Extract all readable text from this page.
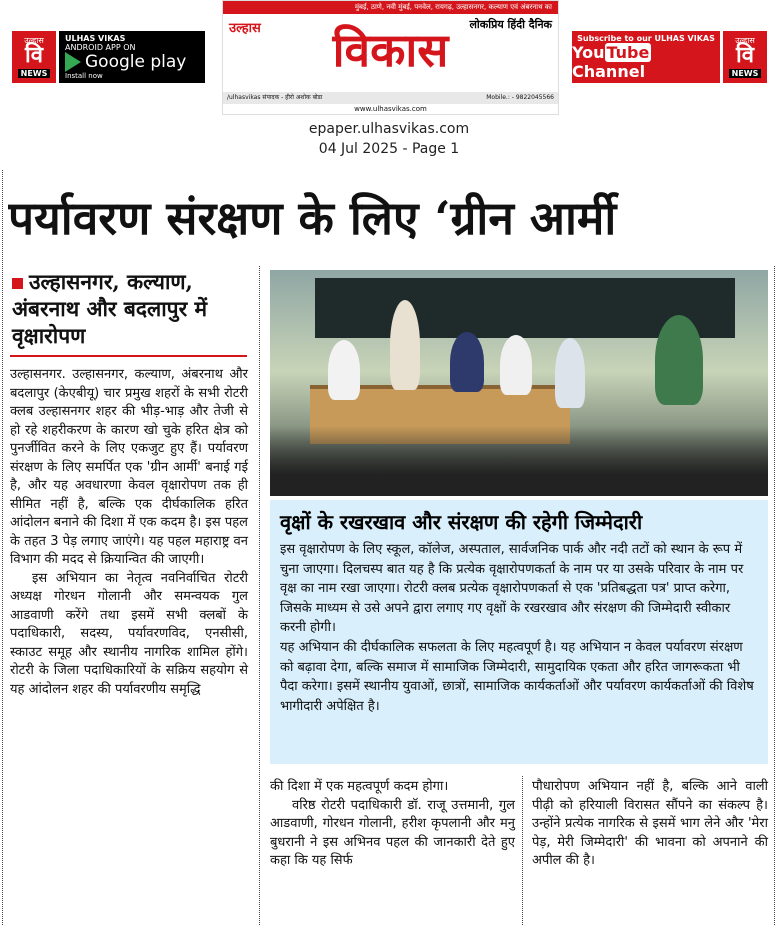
उल्हास
वि
NEWS
ULHAS VIKAS
ANDROID APP ON
Google play
Install now
मुंबई, ठाणे, नवी मुंबई, पनवेल, रायगढ़, उल्हासनगर, कल्याण एवं अंबरनाथ का
उल्हास	लोकप्रिय हिंदी दैनिक
विकास
/ulhasvikas संपादक - हीरो अशोक बोडा	Mobile.: - 9822045566
www.ulhasvikas.com
Subscribe to our ULHAS VIKAS
You Tube Channel
उल्हास
वि
NEWS
epaper.ulhasvikas.com
04 Jul 2025 - Page 1
पर्यावरण संरक्षण के लिए ‘ग्रीन आर्मी
उल्हासनगर, कल्याण, अंबरनाथ और बदलापुर में वृक्षारोपण

उल्हासनगर. उल्हासनगर, कल्याण, अंबरनाथ और बदलापुर (केएबीयू) चार प्रमुख शहरों के सभी रोटरी क्लब उल्हासनगर शहर की भीड़-भाड़ और तेजी से हो रहे शहरीकरण के कारण खो चुके हरित क्षेत्र को पुनर्जीवित करने के लिए एकजुट हुए हैं। पर्यावरण संरक्षण के लिए समर्पित एक 'ग्रीन आर्मी' बनाई गई है, और यह अवधारणा केवल वृक्षारोपण तक ही सीमित नहीं है, बल्कि एक दीर्घकालिक हरित आंदोलन बनाने की दिशा में एक कदम है। इस पहल के तहत 3 पेड़ लगाए जाएंगे। यह पहल महाराष्ट्र वन विभाग की मदद से क्रियान्वित की जाएगी।

इस अभियान का नेतृत्व नवनिर्वाचित रोटरी अध्यक्ष गोरधन गोलानी और समन्वयक गुल आडवाणी करेंगे तथा इसमें सभी क्लबों के पदाधिकारी, सदस्य, पर्यावरणविद, एनसीसी, स्काउट समूह और स्थानीय नागरिक शामिल होंगे। रोटरी के जिला पदाधिकारियों के सक्रिय सहयोग से यह आंदोलन शहर की पर्यावरणीय समृद्धि

वृक्षों के रखरखाव और संरक्षण की रहेगी जिम्मेदारी

इस वृक्षारोपण के लिए स्कूल, कॉलेज, अस्पताल, सार्वजनिक पार्क और नदी तटों को स्थान के रूप में चुना जाएगा। दिलचस्प बात यह है कि प्रत्येक वृक्षारोपणकर्ता के नाम पर या उसके परिवार के नाम पर वृक्ष का नाम रखा जाएगा। रोटरी क्लब प्रत्येक वृक्षारोपणकर्ता से एक 'प्रतिबद्धता पत्र' प्राप्त करेगा, जिसके माध्यम से उसे अपने द्वारा लगाए गए वृक्षों के रखरखाव और संरक्षण की जिम्मेदारी स्वीकार करनी होगी।

यह अभियान की दीर्घकालिक सफलता के लिए महत्वपूर्ण है। यह अभियान न केवल पर्यावरण संरक्षण को बढ़ावा देगा, बल्कि समाज में सामाजिक जिम्मेदारी, सामुदायिक एकता और हरित जागरूकता भी पैदा करेगा। इसमें स्थानीय युवाओं, छात्रों, सामाजिक कार्यकर्ताओं और पर्यावरण कार्यकर्ताओं की विशेष भागीदारी अपेक्षित है।

की दिशा में एक महत्वपूर्ण कदम होगा।

वरिष्ठ रोटरी पदाधिकारी डॉ. राजू उत्तमानी, गुल आडवाणी, गोरधन गोलानी, हरीश कृपलानी और मनु बुधरानी ने इस अभिनव पहल की जानकारी देते हुए कहा कि यह सिर्फ

पौधारोपण अभियान नहीं है, बल्कि आने वाली पीढ़ी को हरियाली विरासत सौंपने का संकल्प है। उन्होंने प्रत्येक नागरिक से इसमें भाग लेने और 'मेरा पेड़, मेरी जिम्मेदारी' की भावना को अपनाने की अपील की है।
